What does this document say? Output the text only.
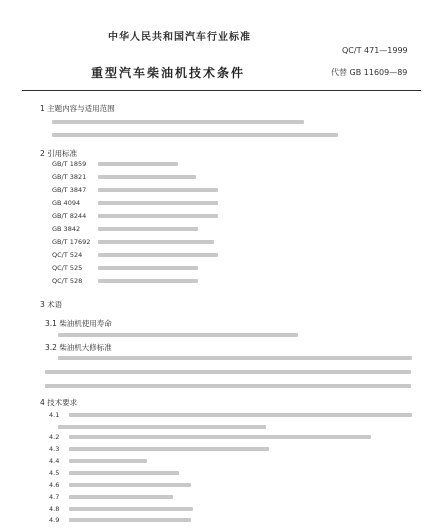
中华人民共和国汽车行业标准
QC/T 471—1999
代替 GB 11609—89
重型汽车柴油机技术条件
1 主题内容与适用范围
2 引用标准
GB/T 1859
GB/T 3821
GB/T 3847
GB 4094
GB/T 8244
GB 3842
GB/T 17692
QC/T 524
QC/T 525
QC/T 528
3 术语
3.1 柴油机使用寿命
3.2 柴油机大修标准
4 技术要求
4.1
4.2
4.3
4.4
4.5
4.6
4.7
4.8
4.9
